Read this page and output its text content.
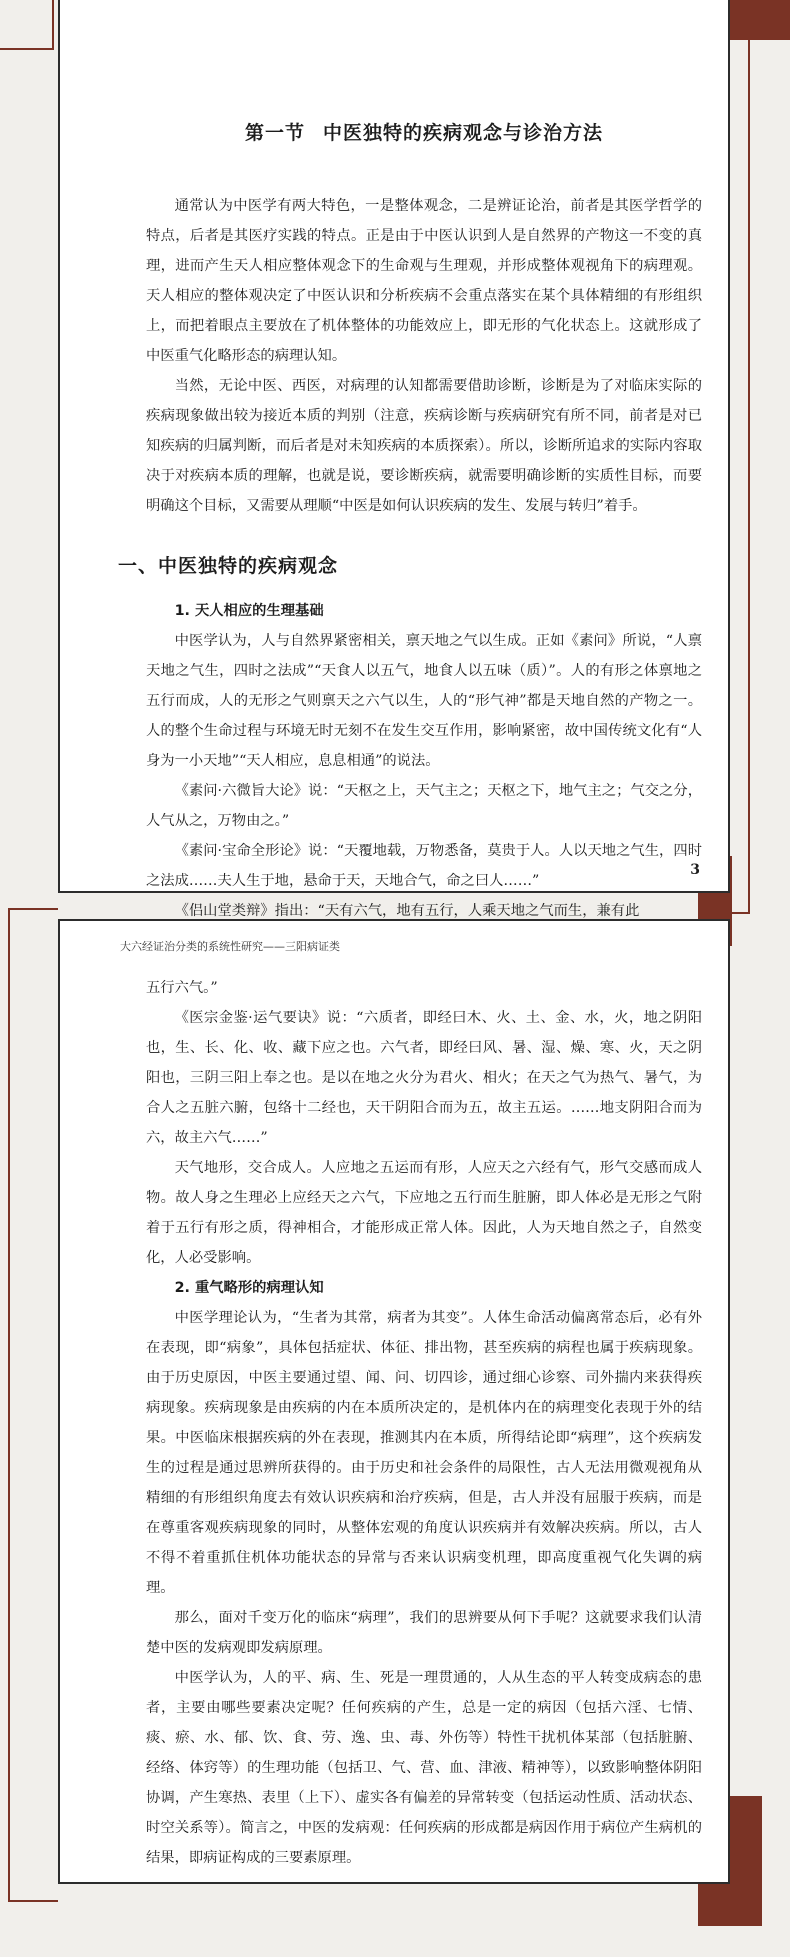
第一节 中医独特的疾病观念与诊治方法

通常认为中医学有两大特色，一是整体观念，二是辨证论治，前者是其医学哲学的特点，后者是其医疗实践的特点。正是由于中医认识到人是自然界的产物这一不变的真理，进而产生天人相应整体观念下的生命观与生理观，并形成整体观视角下的病理观。天人相应的整体观决定了中医认识和分析疾病不会重点落实在某个具体精细的有形组织上，而把着眼点主要放在了机体整体的功能效应上，即无形的气化状态上。这就形成了中医重气化略形态的病理认知。

当然，无论中医、西医，对病理的认知都需要借助诊断，诊断是为了对临床实际的疾病现象做出较为接近本质的判别（注意，疾病诊断与疾病研究有所不同，前者是对已知疾病的归属判断，而后者是对未知疾病的本质探索）。所以，诊断所追求的实际内容取决于对疾病本质的理解，也就是说，要诊断疾病，就需要明确诊断的实质性目标，而要明确这个目标，又需要从理顺“中医是如何认识疾病的发生、发展与转归”着手。

一、中医独特的疾病观念
1. 天人相应的生理基础

中医学认为，人与自然界紧密相关，禀天地之气以生成。正如《素问》所说，“人禀天地之气生，四时之法成”“天食人以五气，地食人以五味（质）”。人的有形之体禀地之五行而成，人的无形之气则禀天之六气以生，人的“形气神”都是天地自然的产物之一。人的整个生命过程与环境无时无刻不在发生交互作用，影响紧密，故中国传统文化有“人身为一小天地”“天人相应，息息相通”的说法。

《素问·六微旨大论》说：“天枢之上，天气主之；天枢之下，地气主之；气交之分，人气从之，万物由之。”

《素问·宝命全形论》说：“天覆地载，万物悉备，莫贵于人。人以天地之气生，四时之法成……夫人生于地，悬命于天，天地合气，命之曰人……”

《侣山堂类辩》指出：“天有六气，地有五行，人乘天地之气而生，兼有此

3
大六经证治分类的系统性研究——三阳病证类

五行六气。”

《医宗金鉴·运气要诀》说：“六质者，即经曰木、火、土、金、水，火，地之阴阳也，生、长、化、收、藏下应之也。六气者，即经曰风、暑、湿、燥、寒、火，天之阴阳也，三阴三阳上奉之也。是以在地之火分为君火、相火；在天之气为热气、暑气，为合人之五脏六腑，包络十二经也，天干阴阳合而为五，故主五运。……地支阴阳合而为六，故主六气……”

天气地形，交合成人。人应地之五运而有形，人应天之六经有气，形气交感而成人物。故人身之生理必上应经天之六气，下应地之五行而生脏腑，即人体必是无形之气附着于五行有形之质，得神相合，才能形成正常人体。因此，人为天地自然之子，自然变化，人必受影响。

2. 重气略形的病理认知

中医学理论认为，“生者为其常，病者为其变”。人体生命活动偏离常态后，必有外在表现，即“病象”，具体包括症状、体征、排出物，甚至疾病的病程也属于疾病现象。由于历史原因，中医主要通过望、闻、问、切四诊，通过细心诊察、司外揣内来获得疾病现象。疾病现象是由疾病的内在本质所决定的，是机体内在的病理变化表现于外的结果。中医临床根据疾病的外在表现，推测其内在本质，所得结论即“病理”，这个疾病发生的过程是通过思辨所获得的。由于历史和社会条件的局限性，古人无法用微观视角从精细的有形组织角度去有效认识疾病和治疗疾病，但是，古人并没有屈服于疾病，而是在尊重客观疾病现象的同时，从整体宏观的角度认识疾病并有效解决疾病。所以，古人不得不着重抓住机体功能状态的异常与否来认识病变机理，即高度重视气化失调的病理。

那么，面对千变万化的临床“病理”，我们的思辨要从何下手呢？这就要求我们认清楚中医的发病观即发病原理。

中医学认为，人的平、病、生、死是一理贯通的，人从生态的平人转变成病态的患者，主要由哪些要素决定呢？任何疾病的产生，总是一定的病因（包括六淫、七情、痰、瘀、水、郁、饮、食、劳、逸、虫、毒、外伤等）特性干扰机体某部（包括脏腑、经络、体窍等）的生理功能（包括卫、气、营、血、津液、精神等），以致影响整体阴阳协调，产生寒热、表里（上下）、虚实各有偏差的异常转变（包括运动性质、活动状态、时空关系等）。简言之，中医的发病观：任何疾病的形成都是病因作用于病位产生病机的结果，即病证构成的三要素原理。
